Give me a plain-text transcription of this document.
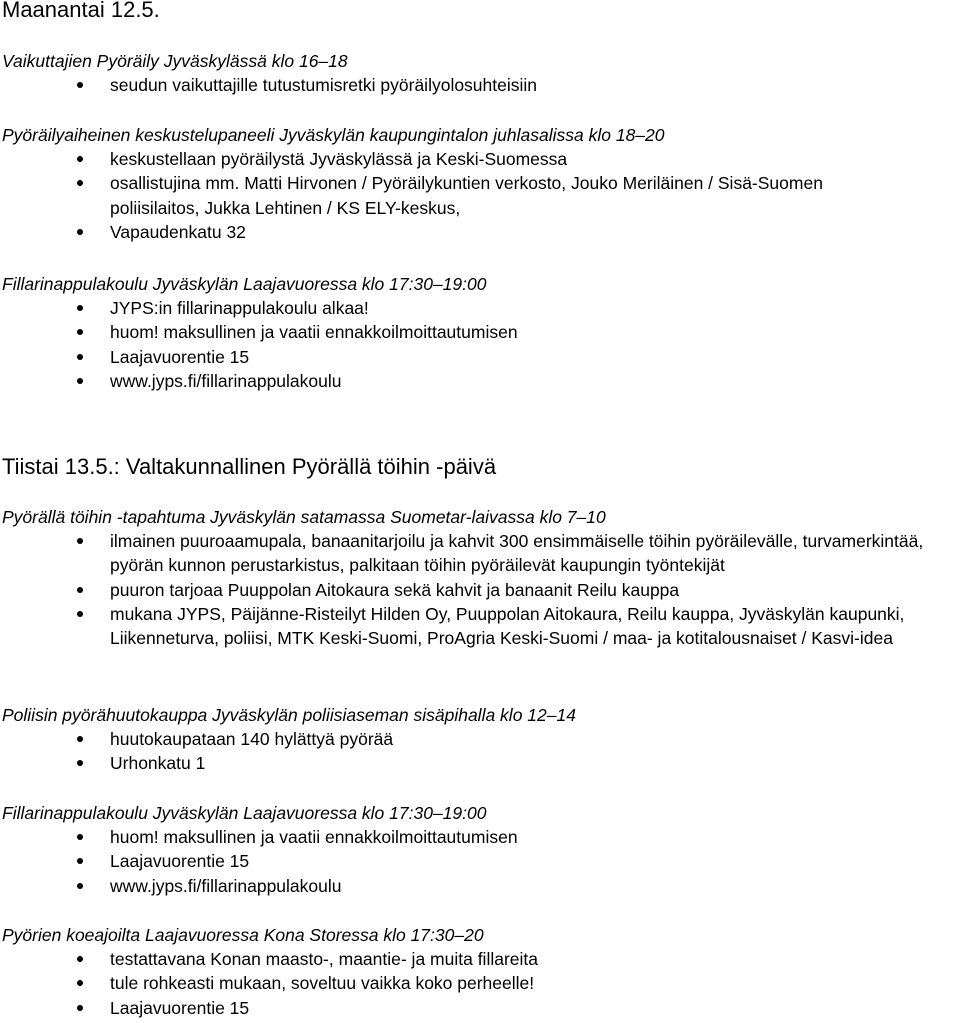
Maanantai 12.5.

Vaikuttajien Pyöräily Jyväskylässä klo 16–18

seudun vaikuttajille tutustumisretki pyöräilyolosuhteisiin

Pyöräilyaiheinen keskustelupaneeli Jyväskylän kaupungintalon juhlasalissa klo 18–20

keskustellaan pyöräilystä Jyväskylässä ja Keski-Suomessa
osallistujina mm. Matti Hirvonen / Pyöräilykuntien verkosto, Jouko Meriläinen / Sisä-Suomen poliisilaitos, Jukka Lehtinen / KS ELY-keskus,
Vapaudenkatu 32

Fillarinappulakoulu Jyväskylän Laajavuoressa klo 17:30–19:00

JYPS:in fillarinappulakoulu alkaa!
huom! maksullinen ja vaatii ennakkoilmoittautumisen
Laajavuorentie 15
www.jyps.fi/fillarinappulakoulu
Tiistai 13.5.: Valtakunnallinen Pyörällä töihin -päivä

Pyörällä töihin -tapahtuma Jyväskylän satamassa Suometar-laivassa klo 7–10

ilmainen puuroaamupala, banaanitarjoilu ja kahvit 300 ensimmäiselle töihin pyöräilevälle, turvamerkintää, pyörän kunnon perustarkistus, palkitaan töihin pyöräilevät kaupungin työntekijät
puuron tarjoaa Puuppolan Aitokaura sekä kahvit ja banaanit Reilu kauppa
mukana JYPS, Päijänne-Risteilyt Hilden Oy, Puuppolan Aitokaura, Reilu kauppa, Jyväskylän kaupunki, Liikenneturva, poliisi, MTK Keski-Suomi, ProAgria Keski-Suomi / maa- ja kotitalousnaiset / Kasvi-idea

Poliisin pyörähuutokauppa Jyväskylän poliisiaseman sisäpihalla klo 12–14

huutokaupataan 140 hylättyä pyörää
Urhonkatu 1

Fillarinappulakoulu Jyväskylän Laajavuoressa klo 17:30–19:00

huom! maksullinen ja vaatii ennakkoilmoittautumisen
Laajavuorentie 15
www.jyps.fi/fillarinappulakoulu

Pyörien koeajoilta Laajavuoressa Kona Storessa klo 17:30–20

testattavana Konan maasto-, maantie- ja muita fillareita
tule rohkeasti mukaan, soveltuu vaikka koko perheelle!
Laajavuorentie 15
